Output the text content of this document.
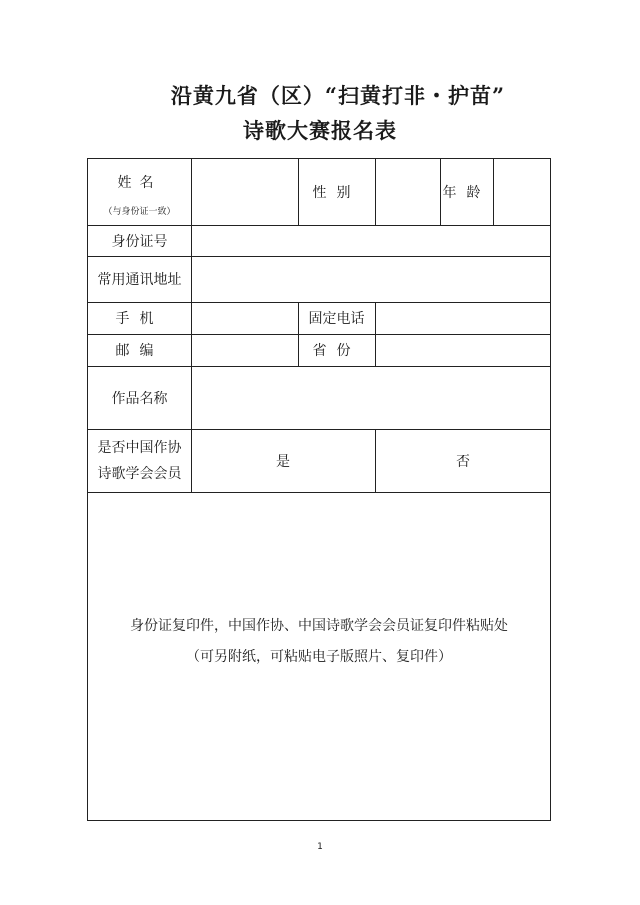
沿黄九省（区）“扫黄打非・护苗”
诗歌大赛报名表
姓名
（与身份证一致）
性别	年龄
身份证号
常用通讯地址
手机	固定电话
邮编	省份
作品名称
是否中国作协
诗歌学会会员
是	否
身份证复印件，中国作协、中国诗歌学会会员证复印件粘贴处
（可另附纸，可粘贴电子版照片、复印件）
1
